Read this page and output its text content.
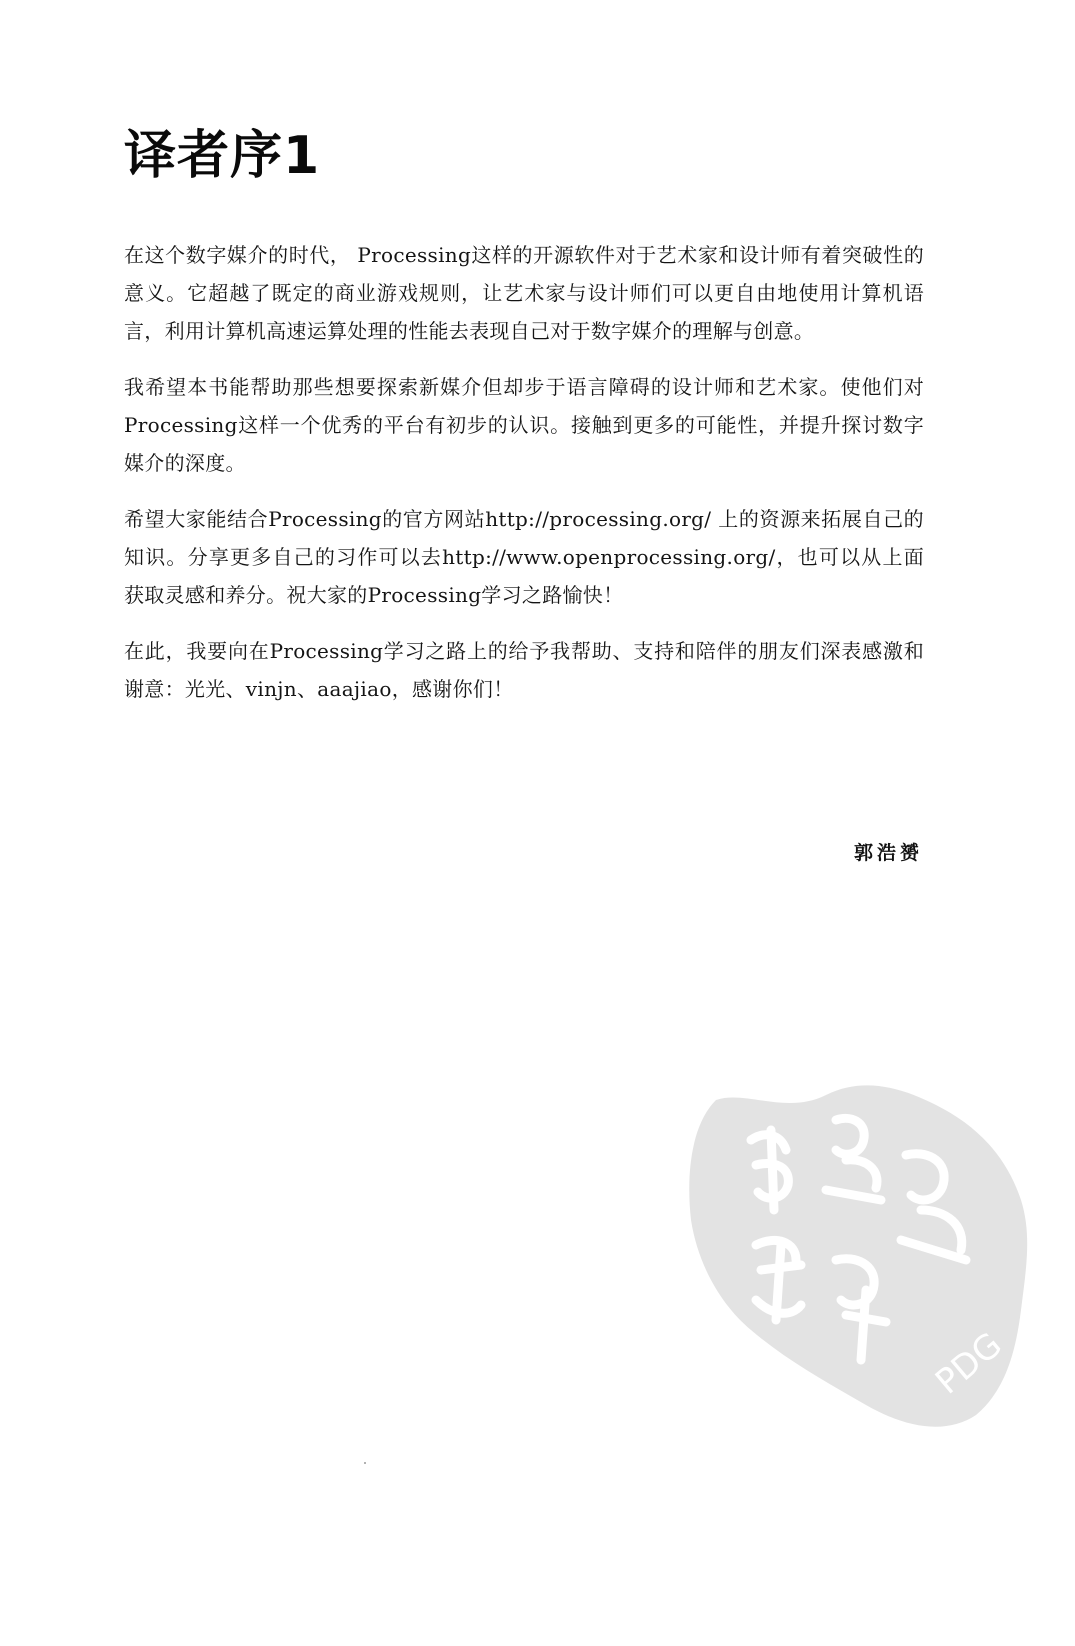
译者序1

在这个数字媒介的时代， Processing这样的开源软件对于艺术家和设计师有着突破性的意义。它超越了既定的商业游戏规则，让艺术家与设计师们可以更自由地使用计算机语言，利用计算机高速运算处理的性能去表现自己对于数字媒介的理解与创意。

我希望本书能帮助那些想要探索新媒介但却步于语言障碍的设计师和艺术家。使他们对Processing这样一个优秀的平台有初步的认识。接触到更多的可能性，并提升探讨数字媒介的深度。

希望大家能结合Processing的官方网站http://processing.org/ 上的资源来拓展自己的知识。分享更多自己的习作可以去http://www.openprocessing.org/，也可以从上面获取灵感和养分。祝大家的Processing学习之路愉快！

在此，我要向在Processing学习之路上的给予我帮助、支持和陪伴的朋友们深表感激和谢意：光光、vinjn、aaajiao，感谢你们！

郭浩赟
PDG
